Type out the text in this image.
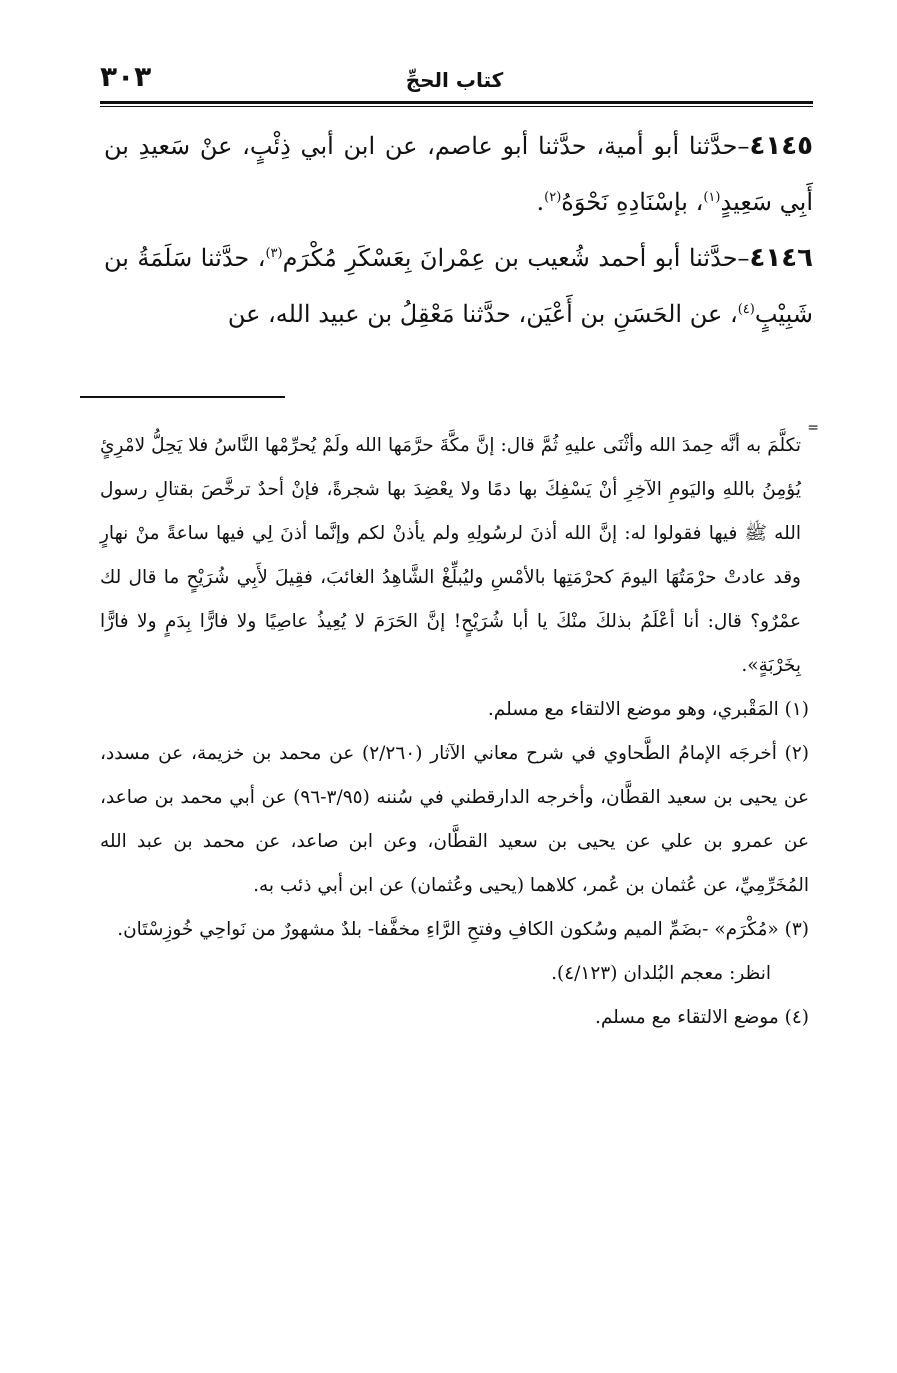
كتاب الحجِّ
٣٠٣

٤١٤٥–حدَّثنا أبو أمية، حدَّثنا أبو عاصم، عن ابن أبي ذِئْبٍ، عنْ سَعيدِ بن أَبِي سَعِيدٍ$^{(١)}$، بإسْنَادِهِ نَحْوَهُ$^{(٢)}$.

٤١٤٦–حدَّثنا أبو أحمد شُعيب بن عِمْرانَ بِعَسْكَرِ مُكْرَم$^{(٣)}$، حدَّثنا سَلَمَةُ بن شَبِيْبٍ$^{(٤)}$، عن الحَسَنِ بن أَعْيَن، حدَّثنا مَعْقِلُ بن عبيد الله، عن

=

تكلَّمَ به أنَّه حِمدَ الله وأثْنَى عليهِ ثُمَّ قال: إنَّ مكَّةَ حرَّمَها الله ولَمْ يُحرِّمْها النَّاسُ فلا يَحِلُّ لامْرِئٍ يُؤمِنُ باللهِ واليَومِ الآخِرِ أنْ يَسْفِكَ بها دمًا ولا يعْضِدَ بها شجرةً، فإنْ أحدٌ ترخَّصَ بقتالِ رسول الله ﷺ فيها فقولوا له: إنَّ الله أذنَ لرسُولِهِ ولم يأذنْ لكم وإنَّما أذنَ لِي فيها ساعةً منْ نهارٍ وقد عادتْ حرْمَتُهَا اليومَ كحرْمَتِها بالأمْسِ وليُبلِّغْ الشَّاهِدُ الغائبَ، فقِيلَ لأَبِي شُرَيْحٍ ما قال لك عمْرٌو؟ قال: أنا أعْلَمُ بذلكَ منْكَ يا أبا شُرَيْحٍ! إنَّ الحَرَمَ لا يُعِيذُ عاصِيًا ولا فارًّا بِدَمٍ ولا فارًّا بِخَرْبَةٍ».

(١) المَقْبري، وهو موضع الالتقاء مع مسلم.

(٢) أخرجَه الإمامُ الطَّحاوي في شرح معاني الآثار (٢/٢٦٠) عن محمد بن خزيمة، عن مسدد، عن يحيى بن سعيد القطَّان، وأخرجه الدارقطني في سُننه (٣/٩٥-٩٦) عن أبي محمد بن صاعد، عن عمرو بن علي عن يحيى بن سعيد القطَّان، وعن ابن صاعد، عن محمد بن عبد الله المُخَرِّمِيِّ، عن عُثمان بن عُمر، كلاهما (يحيى وعُثمان) عن ابن أبي ذئب به.

(٣) «مُكْرَم» -بضَمِّ الميم وسُكون الكافِ وفتحِ الرَّاءِ مخفَّفا- بلدٌ مشهورٌ من نَواحِي خُوزِسْتَان.

انظر: معجم البُلدان (٤/١٢٣).

(٤) موضع الالتقاء مع مسلم.
